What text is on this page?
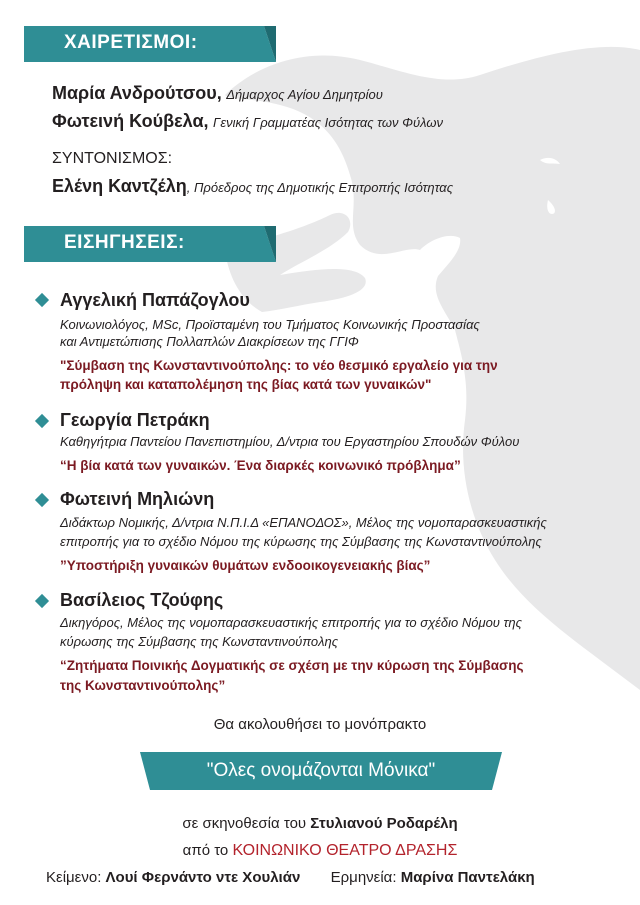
ΧΑΙΡΕΤΙΣΜΟΙ:
Μαρία Ανδρούτσου, Δήμαρχος Αγίου Δημητρίου
Φωτεινή Κούβελα, Γενική Γραμματέας Ισότητας των Φύλων
ΣΥΝΤΟΝΙΣΜΟΣ:
Ελένη Καντζέλη, Πρόεδρος της Δημοτικής Επιτροπής Ισότητας
ΕΙΣΗΓΗΣΕΙΣ:
Αγγελική Παπάζογλου
Κοινωνιολόγος, MSc, Προϊσταμένη του Τμήματος Κοινωνικής Προστασίας
και Αντιμετώπισης Πολλαπλών Διακρίσεων της ΓΓΙΦ
"Σύμβαση της Κωνσταντινούπολης: το νέο θεσμικό εργαλείο για την
πρόληψη και καταπολέμηση της βίας κατά των γυναικών"
Γεωργία Πετράκη
Καθηγήτρια Παντείου Πανεπιστημίου, Δ/ντρια του Εργαστηρίου Σπουδών Φύλου
“Η βία κατά των γυναικών. Ένα διαρκές κοινωνικό πρόβλημα”
Φωτεινή Μηλιώνη
Διδάκτωρ Νομικής, Δ/ντρια Ν.Π.Ι.Δ «ΕΠΑΝΟΔΟΣ», Μέλος της νομοπαρασκευαστικής
επιτροπής για το σχέδιο Νόμου της κύρωσης της Σύμβασης της Κωνσταντινούπολης
”Υποστήριξη γυναικών θυμάτων ενδοοικογενειακής βίας”
Βασίλειος Τζούφης
Δικηγόρος, Μέλος της νομοπαρασκευαστικής επιτροπής για το σχέδιο Νόμου της
κύρωσης της Σύμβασης της Κωνσταντινούπολης
“Ζητήματα Ποινικής Δογματικής σε σχέση με την κύρωση της Σύμβασης
της Κωνσταντινούπολης”
Θα ακολουθήσει το μονόπρακτο
"Ολες ονομάζονται Μόνικα"
σε σκηνοθεσία του Στυλιανού Ροδαρέλη
από το ΚΟΙΝΩΝΙΚΟ ΘΕΑΤΡΟ ΔΡΑΣΗΣ
Κείμενο: Λουί Φερνάντο ντε Χουλιάν Ερμηνεία: Μαρίνα Παντελάκη
